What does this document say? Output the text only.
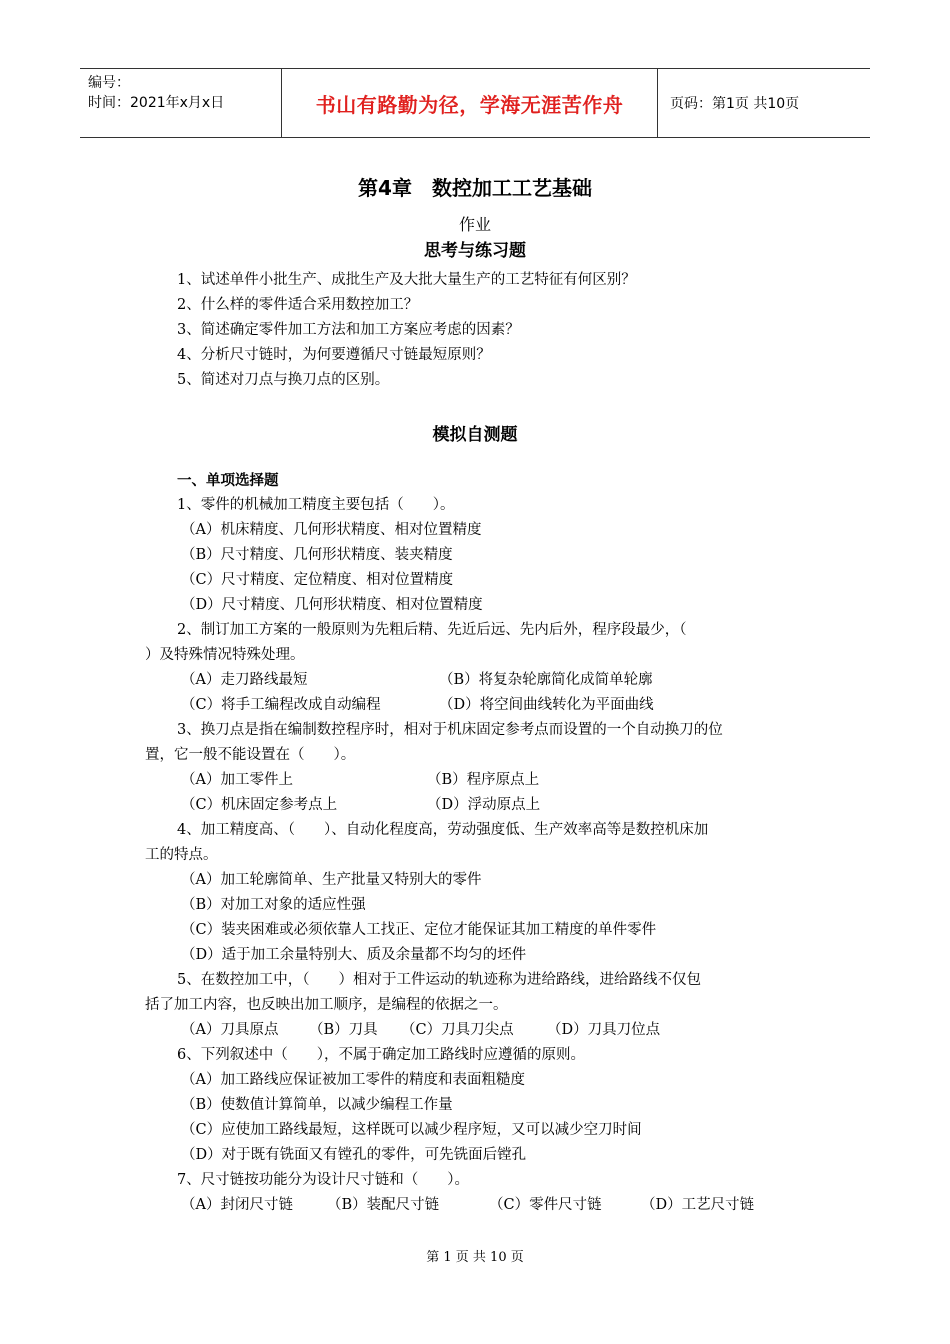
编号：
时间：2021年x月x日	书山有路勤为径，学海无涯苦作舟	页码：第1页 共10页
第4章　数控加工工艺基础
作业
思考与练习题
1、试述单件小批生产、成批生产及大批大量生产的工艺特征有何区别？
2、什么样的零件适合采用数控加工？
3、简述确定零件加工方法和加工方案应考虑的因素？
4、分析尺寸链时，为何要遵循尺寸链最短原则？
5、简述对刀点与换刀点的区别。
模拟自测题
一、单项选择题
1、零件的机械加工精度主要包括（　　）。
（A）机床精度、几何形状精度、相对位置精度
（B）尺寸精度、几何形状精度、装夹精度
（C）尺寸精度、定位精度、相对位置精度
（D）尺寸精度、几何形状精度、相对位置精度
2、制订加工方案的一般原则为先粗后精、先近后远、先内后外，程序段最少，（
）及特殊情况特殊处理。
（A）走刀路线最短	（B）将复杂轮廓简化成简单轮廓
（C）将手工编程改成自动编程	（D）将空间曲线转化为平面曲线
3、换刀点是指在编制数控程序时，相对于机床固定参考点而设置的一个自动换刀的位
置，它一般不能设置在（　　）。
（A）加工零件上	（B）程序原点上
（C）机床固定参考点上	（D）浮动原点上
4、加工精度高、（　　）、自动化程度高，劳动强度低、生产效率高等是数控机床加
工的特点。
（A）加工轮廓简单、生产批量又特别大的零件
（B）对加工对象的适应性强
（C）装夹困难或必须依靠人工找正、定位才能保证其加工精度的单件零件
（D）适于加工余量特别大、质及余量都不均匀的坯件
5、在数控加工中，（　　）相对于工件运动的轨迹称为进给路线，进给路线不仅包
括了加工内容，也反映出加工顺序，是编程的依据之一。
（A）刀具原点	（B）刀具	（C）刀具刀尖点	（D）刀具刀位点
6、下列叙述中（　　），不属于确定加工路线时应遵循的原则。
（A）加工路线应保证被加工零件的精度和表面粗糙度
（B）使数值计算简单，以减少编程工作量
（C）应使加工路线最短，这样既可以减少程序短，又可以减少空刀时间
（D）对于既有铣面又有镗孔的零件，可先铣面后镗孔
7、尺寸链按功能分为设计尺寸链和（　　）。
（A）封闭尺寸链	（B）装配尺寸链	（C）零件尺寸链	（D）工艺尺寸链
第 1 页 共 10 页
